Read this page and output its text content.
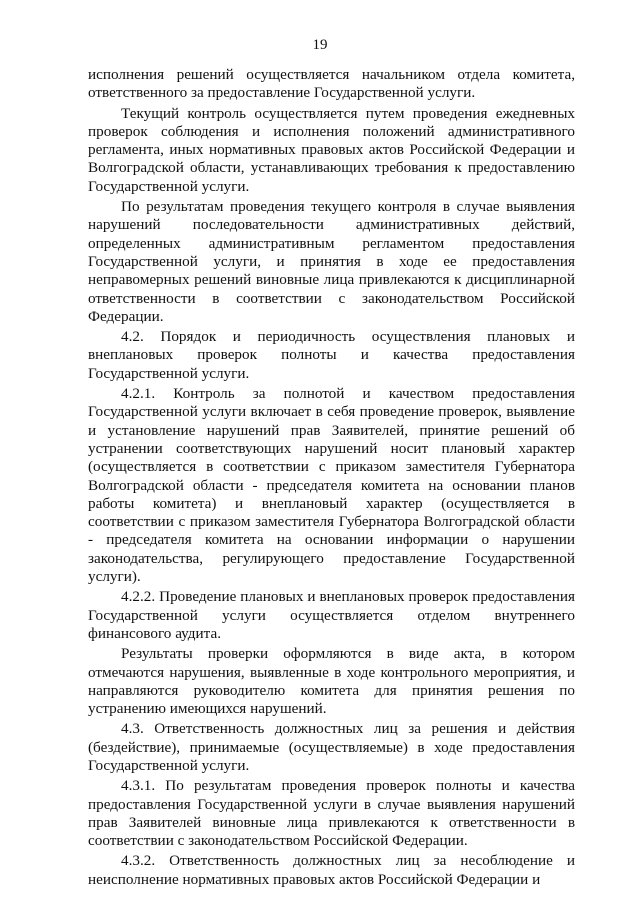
19

исполнения решений осуществляется начальником отдела комитета, ответственного за предоставление Государственной услуги.

Текущий контроль осуществляется путем проведения ежедневных проверок соблюдения и исполнения положений административного регламента, иных нормативных правовых актов Российской Федерации и Волгоградской области, устанавливающих требования к предоставлению Государственной услуги.

По результатам проведения текущего контроля в случае выявления нарушений последовательности административных действий, определенных административным регламентом предоставления Государственной услуги, и принятия в ходе ее предоставления неправомерных решений виновные лица привлекаются к дисциплинарной ответственности в соответствии с законодательством Российской Федерации.

4.2. Порядок и периодичность осуществления плановых и внеплановых проверок полноты и качества предоставления Государственной услуги.

4.2.1. Контроль за полнотой и качеством предоставления Государственной услуги включает в себя проведение проверок, выявление и установление нарушений прав Заявителей, принятие решений об устранении соответствующих нарушений носит плановый характер (осуществляется в соответствии с приказом заместителя Губернатора Волгоградской области - председателя комитета на основании планов работы комитета) и внеплановый характер (осуществляется в соответствии с приказом заместителя Губернатора Волгоградской области - председателя комитета на основании информации о нарушении законодательства, регулирующего предоставление Государственной услуги).

4.2.2. Проведение плановых и внеплановых проверок предоставления Государственной услуги осуществляется отделом внутреннего финансового аудита.

Результаты проверки оформляются в виде акта, в котором отмечаются нарушения, выявленные в ходе контрольного мероприятия, и направляются руководителю комитета для принятия решения по устранению имеющихся нарушений.

4.3. Ответственность должностных лиц за решения и действия (бездействие), принимаемые (осуществляемые) в ходе предоставления Государственной услуги.

4.3.1. По результатам проведения проверок полноты и качества предоставления Государственной услуги в случае выявления нарушений прав Заявителей виновные лица привлекаются к ответственности в соответствии с законодательством Российской Федерации.

4.3.2. Ответственность должностных лиц за несоблюдение и неисполнение нормативных правовых актов Российской Федерации и
